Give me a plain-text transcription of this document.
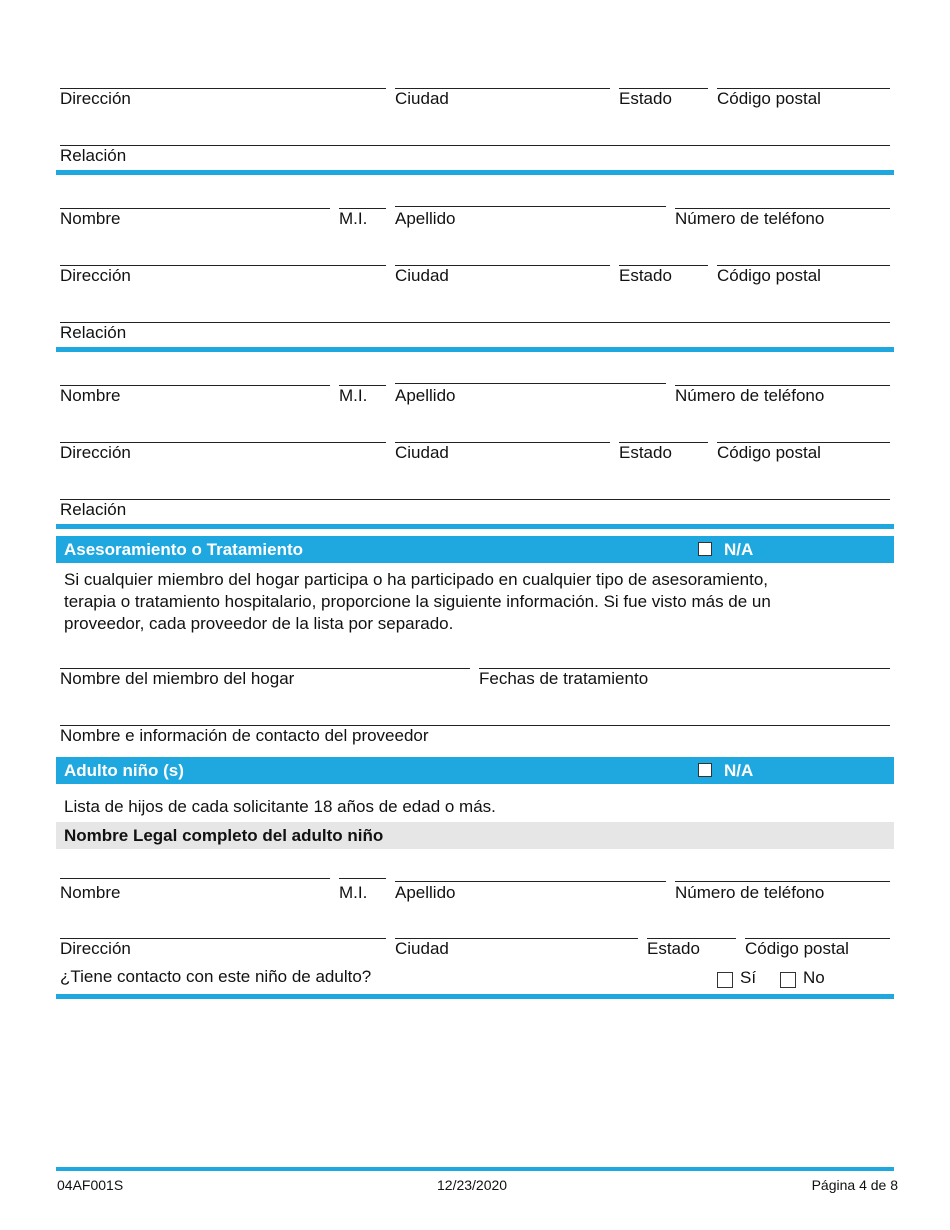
Dirección	Ciudad	Estado	Código postal
Relación
Nombre	M.I. Apellido	Número de teléfono
Dirección	Ciudad	Estado	Código postal
Relación
Nombre	M.I. Apellido	Número de teléfono
Dirección	Ciudad	Estado	Código postal
Relación
Asesoramiento o Tratamiento	N/A
Si cualquier miembro del hogar participa o ha participado en cualquier tipo de asesoramiento,
terapia o tratamiento hospitalario, proporcione la siguiente información. Si fue visto más de un
proveedor, cada proveedor de la lista por separado.
Nombre del miembro del hogar	Fechas de tratamiento
Nombre e información de contacto del proveedor
Adulto niño (s)	N/A
Lista de hijos de cada solicitante 18 años de edad o más.
Nombre Legal completo del adulto niño
Nombre	M.I. Apellido	Número de teléfono
Dirección	Ciudad	Estado	Código postal
¿Tiene contacto con este niño de adulto?	Sí	No
04AF001S	12/23/2020	Página 4 de 8
